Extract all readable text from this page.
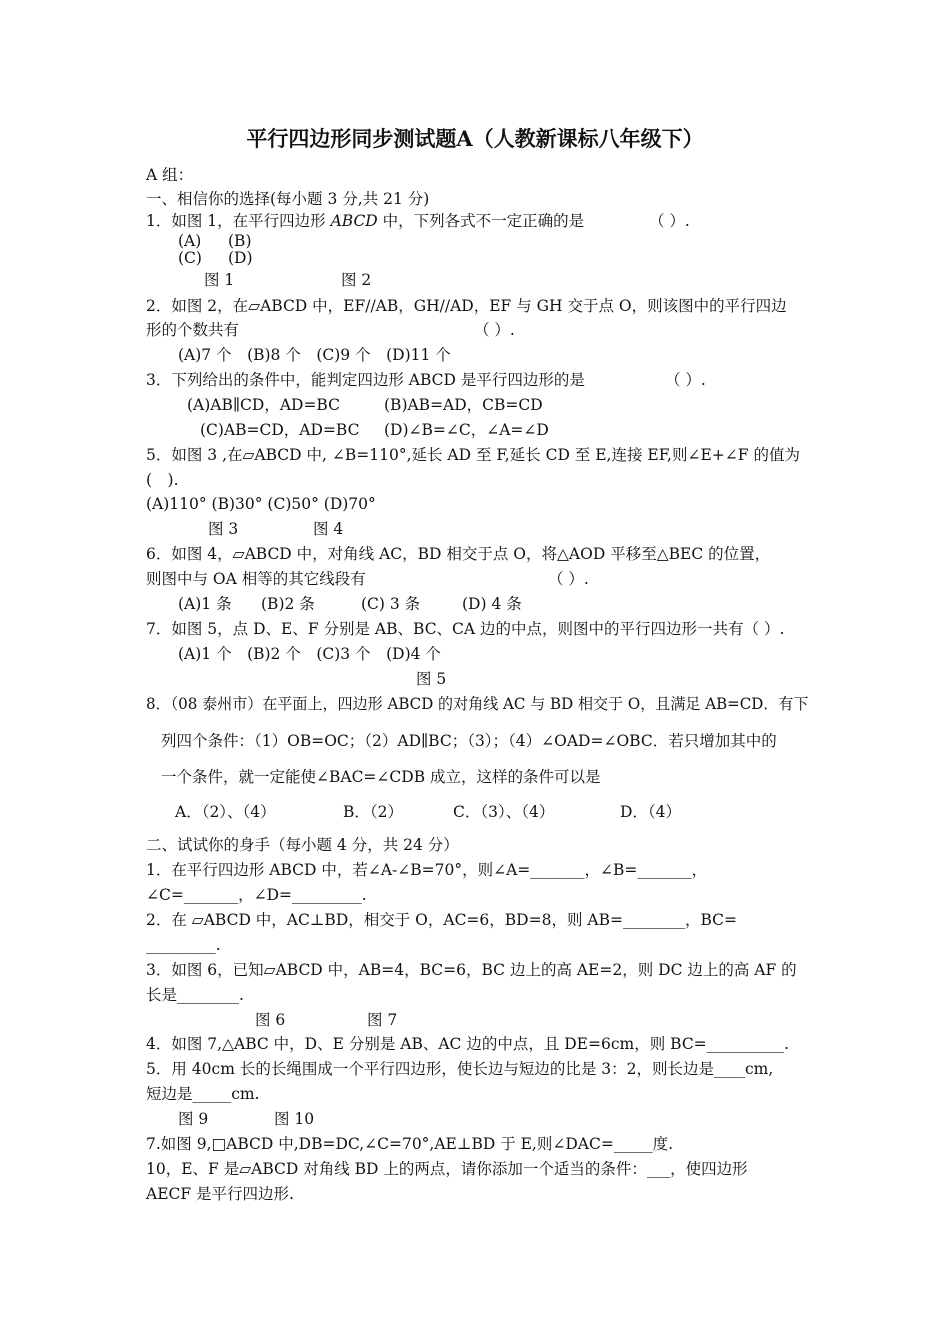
平行四边形同步测试题A（人教新课标八年级下）
A 组：
一、相信你的选择(每小题 3 分,共 21 分)
1．如图 1，在平行四边形 ABCD 中，下列各式不一定正确的是	（ ）.
(A) (B)
(C) (D)
图 1	图 2
2．如图 2，在▱ABCD 中，EF//AB，GH//AD，EF 与 GH 交于点 O，则该图中的平行四边
形的个数共有	（ ）.
(A)7 个　(B)8 个　(C)9 个　(D)11 个
3．下列给出的条件中，能判定四边形 ABCD 是平行四边形的是	（ ）.
(A)AB∥CD，AD=BC	(B)AB=AD，CB=CD
(C)AB=CD，AD=BC (D)∠B=∠C，∠A=∠D
5．如图 3 ,在▱ABCD 中, ∠B=110°,延长 AD 至 F,延长 CD 至 E,连接 EF,则∠E+∠F 的值为
(　).
(A)110° (B)30° (C)50° (D)70°
图 3	图 4
6．如图 4，▱ABCD 中，对角线 AC，BD 相交于点 O，将△AOD 平移至△BEC 的位置，
则图中与 OA 相等的其它线段有	（ ）.
(A)1 条 (B)2 条	(C) 3 条	(D) 4 条
7．如图 5，点 D、E、F 分别是 AB、BC、CA 边的中点，则图中的平行四边形一共有（ ）.
(A)1 个　(B)2 个　(C)3 个　(D)4 个
图 5
8．（08 泰州市）在平面上，四边形 ABCD 的对角线 AC 与 BD 相交于 O，且满足 AB=CD．有下
列四个条件：（1）OB=OC；（2）AD∥BC；（3）；（4）∠OAD=∠OBC．若只增加其中的
一个条件，就一定能使∠BAC=∠CDB 成立，这样的条件可以是
A．（2）、（4）	B．（2）	C．（3）、（4）	D．（4）
二、试试你的身手（每小题 4 分，共 24 分）
1．在平行四边形 ABCD 中，若∠A-∠B=70°，则∠A=_______，∠B=_______，
∠C=_______，∠D=_________.
2．在 ▱ABCD 中，AC⊥BD，相交于 O，AC=6，BD=8，则 AB=________，BC=
_________.
3．如图 6，已知▱ABCD 中，AB=4，BC=6，BC 边上的高 AE=2，则 DC 边上的高 AF 的
长是________.
图 6	图 7
4．如图 7,△ABC 中，D、E 分别是 AB、AC 边的中点，且 DE=6cm，则 BC=__________.
5．用 40cm 长的长绳围成一个平行四边形，使长边与短边的比是 3：2，则长边是____cm,
短边是_____cm.
图 9	图 10
7.如图 9,□ABCD 中,DB=DC,∠C=70°,AE⊥BD 于 E,则∠DAC=_____度.
10，E、F 是▱ABCD 对角线 BD 上的两点，请你添加一个适当的条件：___，使四边形
AECF 是平行四边形.
